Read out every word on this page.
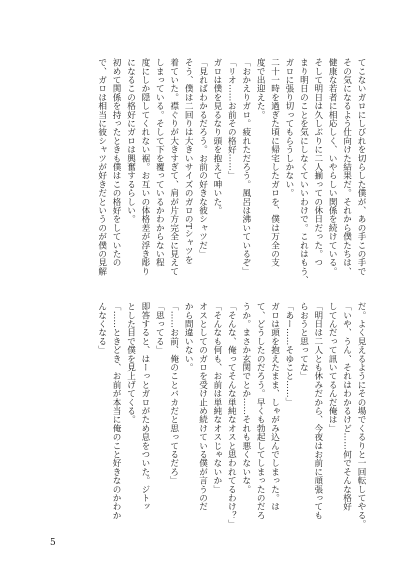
てこないガロにしびれを切らした僕が、あの手この手で
その気になるよう仕向けた結果だ。それから僕たちは、
健康な若者に相応しく、いやらしい関係を続けている。
そして明日は久しぶりに二人揃っての休日だった。つ
まり明日のことを気にしなくていいわけで。これはもう、
ガロに張り切ってもらうしかない。
二十一時を過ぎた頃に帰宅したガロを、僕は万全の支
度で出迎えた。
「おかえりガロ。疲れただろう。風呂は沸いているぞ」
「リオ……お前その格好……」
ガロは僕を見るなり頭を抱えて呻いた。
「見ればわかるだろう。お前の好きな彼シャツだ」
そう、僕は二回りは大きいサイズのガロのTシャツを
着ていた。襟ぐりが大きすぎて、肩が片方完全に見えて
しまっている。そして下を覆っているかわからない程
度にしか隠してくれない裾。お互いの体格差が浮き彫り
になるこの格好にガロは興奮するらしい。
初めて関係を持ったときも僕はこの格好をしていたの
で、ガロは相当に彼シャツが好きだというのが僕の見解
だ。よく見えるようにその場でくるりと一回転してやる。
「いや、うん、それはわかるけど……何でそんな格好
してんだって訊いてるんだ俺は」
「明日は二人とも休みだから、今夜はお前に頑張っても
らおうと思ってな」
「あー……そゆこと……」
ガロは頭を抱えたまま、しゃがみ込んでしまった。は
て、どうしたのだろう。早くも勃起してしまったのだろ
うか。まさか玄関でとか……それも悪くないな。
「そんな、俺ってそんな単純なオスと思われてるわけ？」
「そんなも何も、お前は単純なオスじゃないか」
オスとしてのガロを受け止め続けている僕が言うのだ
から間違いない。
「……お前、俺のことバカだと思ってるだろ」
「思ってる」
即答すると、はーっとガロがため息をついた。ジトッ
とした目で僕を見上げてくる。
「……ときどき、お前が本当に俺のこと好きなのかわか
んなくなる」
5
